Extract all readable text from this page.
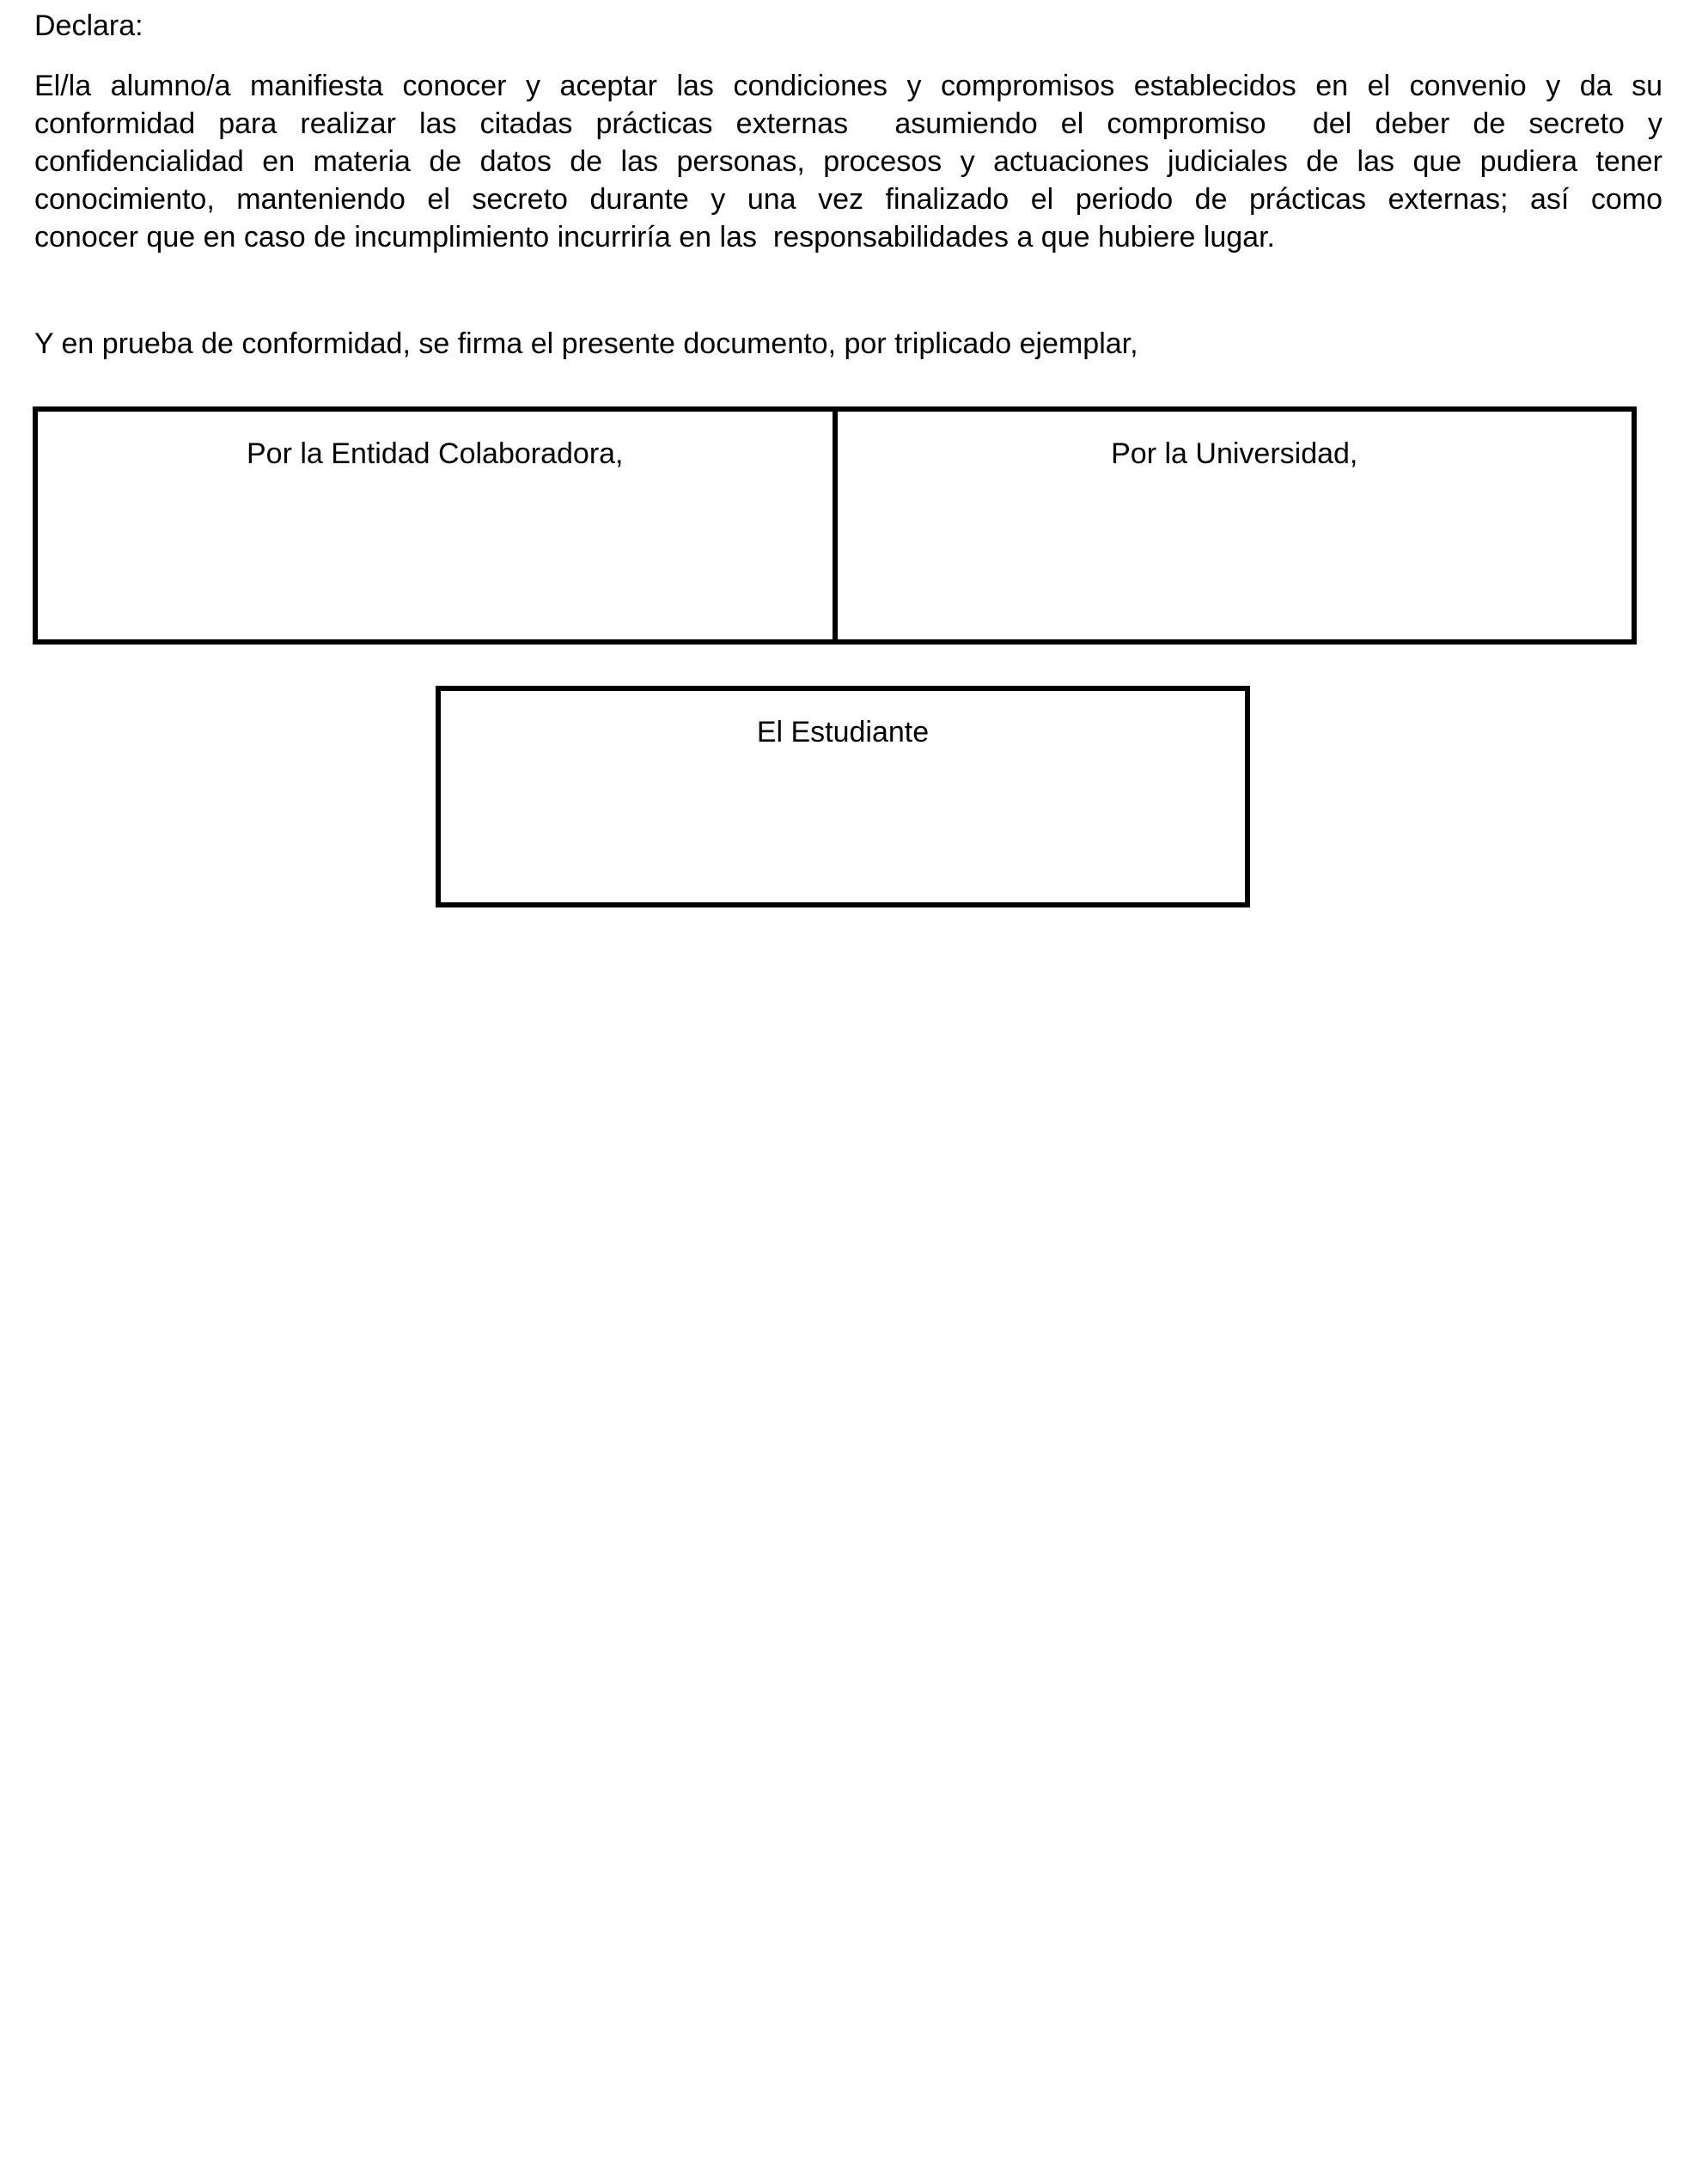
Declara:
El/la alumno/a manifiesta conocer y aceptar las condiciones y compromisos establecidos en el convenio y da su
conformidad para realizar las citadas prácticas externas  asumiendo el compromiso  del deber de secreto y
confidencialidad en materia de datos de las personas, procesos y actuaciones judiciales de las que pudiera tener
conocimiento, manteniendo el secreto durante y una vez finalizado el periodo de prácticas externas; así como
conocer que en caso de incumplimiento incurriría en las  responsabilidades a que hubiere lugar.
Y en prueba de conformidad, se firma el presente documento, por triplicado ejemplar,
Por la Entidad Colaboradora,	Por la Universidad,
El Estudiante
